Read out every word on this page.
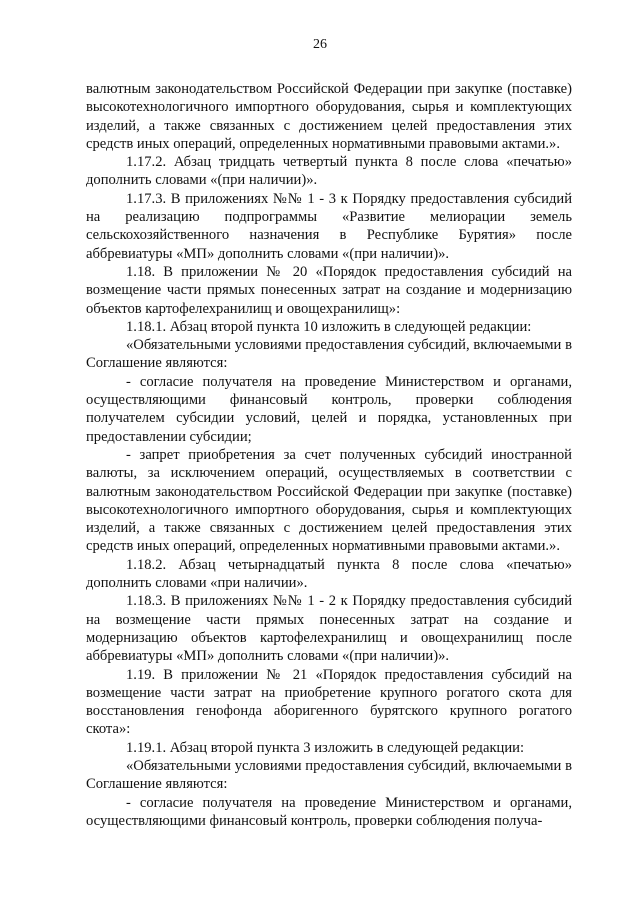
26

валютным законодательством Российской Федерации при закупке (поставке) высокотехнологичного импортного оборудования, сырья и комплектующих изделий, а также связанных с достижением целей предоставления этих средств иных операций, определенных нормативными правовыми актами.».

1.17.2. Абзац тридцать четвертый пункта 8 после слова «печатью» дополнить словами «(при наличии)».

1.17.3. В приложениях №№ 1 - 3 к Порядку предоставления субсидий на реализацию подпрограммы «Развитие мелиорации земель сельскохозяйственного назначения в Республике Бурятия» после аббревиатуры «МП» дополнить словами «(при наличии)».

1.18. В приложении № 20 «Порядок предоставления субсидий на возмещение части прямых понесенных затрат на создание и модернизацию объектов картофелехранилищ и овощехранилищ»:

1.18.1. Абзац второй пункта 10 изложить в следующей редакции:

«Обязательными условиями предоставления субсидий, включаемыми в Соглашение являются:

- согласие получателя на проведение Министерством и органами, осуществляющими финансовый контроль, проверки соблюдения получателем субсидии условий, целей и порядка, установленных при предоставлении субсидии;

- запрет приобретения за счет полученных субсидий иностранной валюты, за исключением операций, осуществляемых в соответствии с валютным законодательством Российской Федерации при закупке (поставке) высокотехнологичного импортного оборудования, сырья и комплектующих изделий, а также связанных с достижением целей предоставления этих средств иных операций, определенных нормативными правовыми актами.».

1.18.2. Абзац четырнадцатый пункта 8 после слова «печатью» дополнить словами «при наличии».

1.18.3. В приложениях №№ 1 - 2 к Порядку предоставления субсидий на возмещение части прямых понесенных затрат на создание и модернизацию объектов картофелехранилищ и овощехранилищ после аббревиатуры «МП» дополнить словами «(при наличии)».

1.19. В приложении № 21 «Порядок предоставления субсидий на возмещение части затрат на приобретение крупного рогатого скота для восстановления генофонда аборигенного бурятского крупного рогатого скота»:

1.19.1. Абзац второй пункта 3 изложить в следующей редакции:

«Обязательными условиями предоставления субсидий, включаемыми в Соглашение являются:

- согласие получателя на проведение Министерством и органами, осуществляющими финансовый контроль, проверки соблюдения получа-
